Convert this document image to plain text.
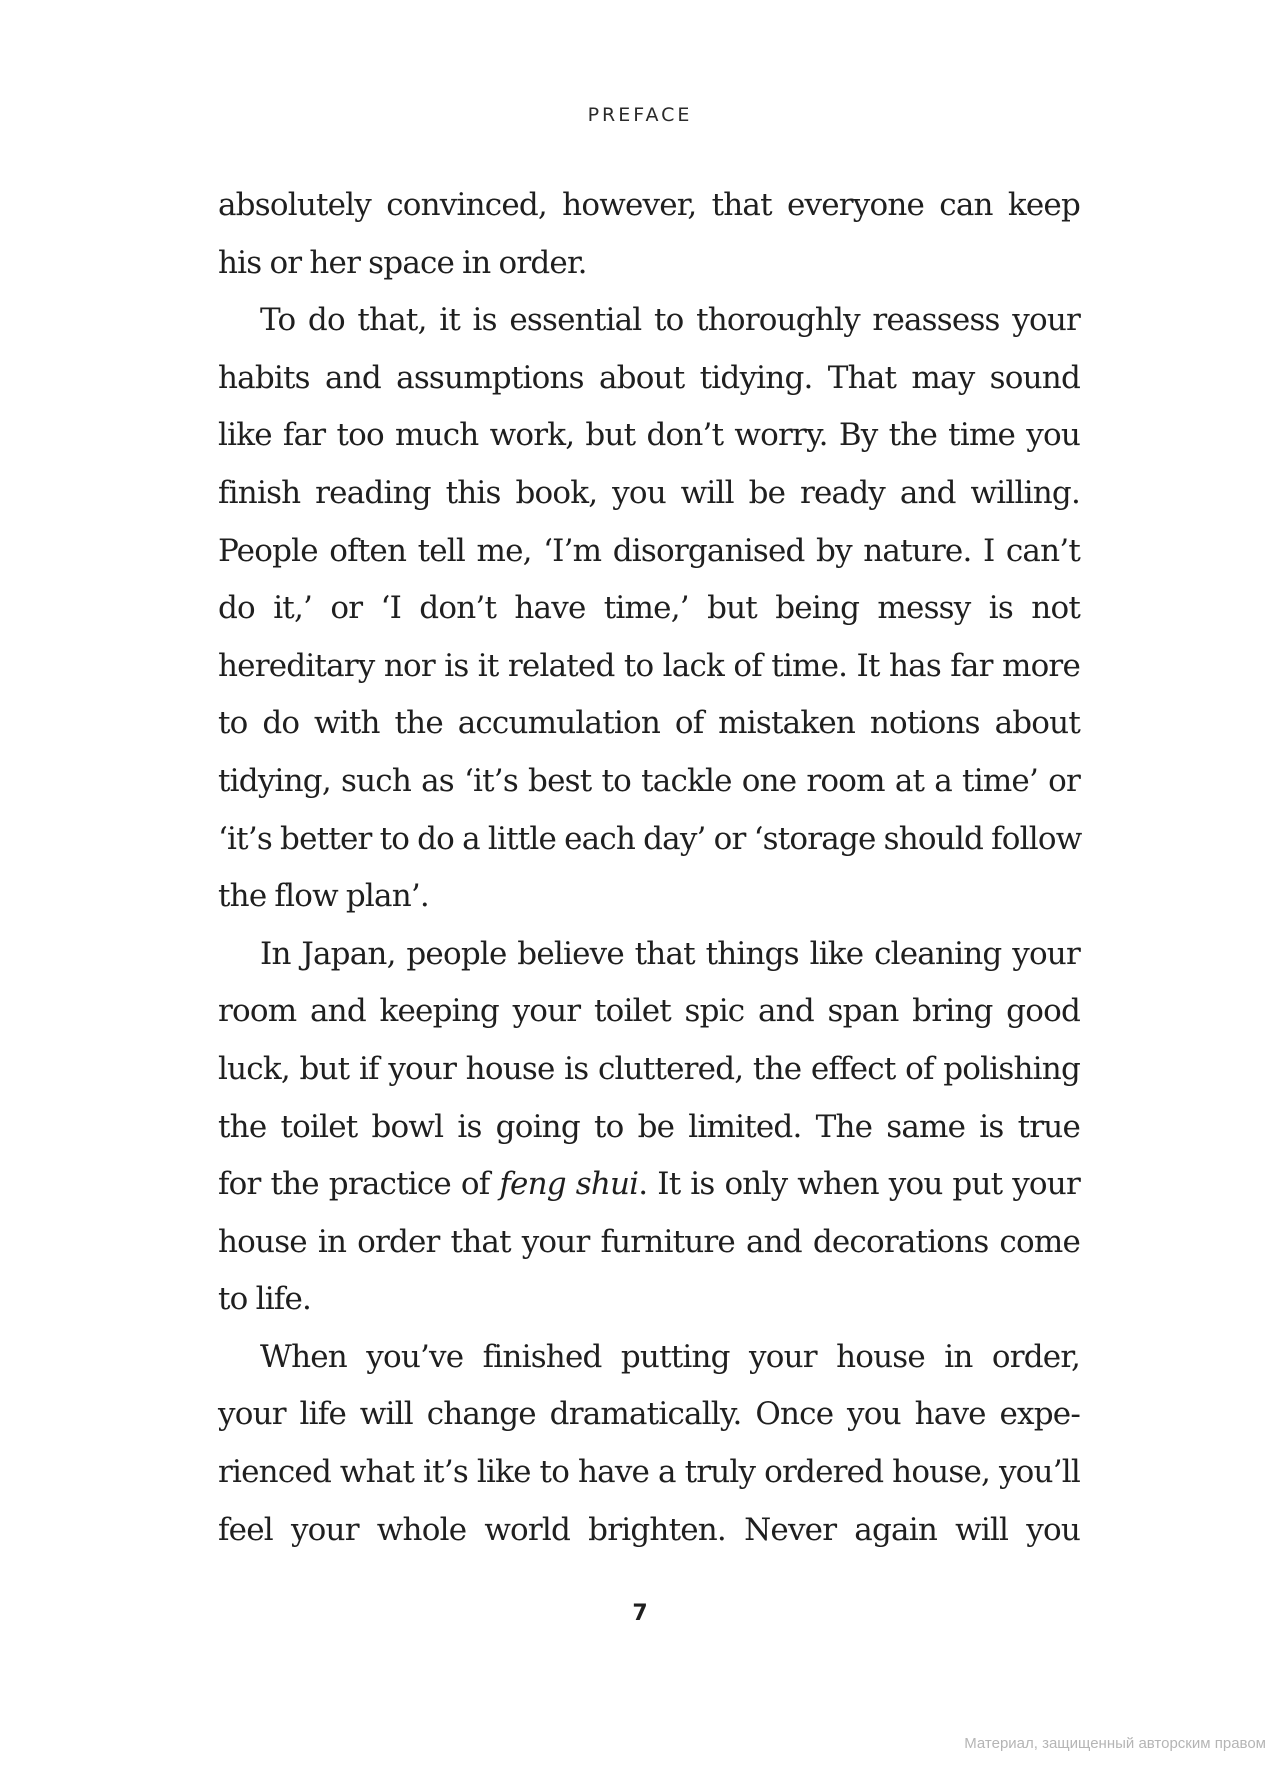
PREFACE

absolutely convinced, however, that everyone can keep
his or her space in order.

To do that, it is essential to thoroughly reassess your
habits and assumptions about tidying. That may sound
like far too much work, but don’t worry. By the time you
finish reading this book, you will be ready and willing.
People often tell me, ‘I’m disorganised by nature. I can’t
do it,’ or ‘I don’t have time,’ but being messy is not
hereditary nor is it related to lack of time. It has far more
to do with the accumulation of mistaken notions about
tidying, such as ‘it’s best to tackle one room at a time’ or
‘it’s better to do a little each day’ or ‘storage should follow
the flow plan’.

In Japan, people believe that things like cleaning your
room and keeping your toilet spic and span bring good
luck, but if your house is cluttered, the effect of polishing
the toilet bowl is going to be limited. The same is true
for the practice of feng shui. It is only when you put your
house in order that your furniture and decorations come
to life.

When you’ve finished putting your house in order,
your life will change dramatically. Once you have expe-
rienced what it’s like to have a truly ordered house, you’ll
feel your whole world brighten. Never again will you

7
Материал, защищенный авторским правом
